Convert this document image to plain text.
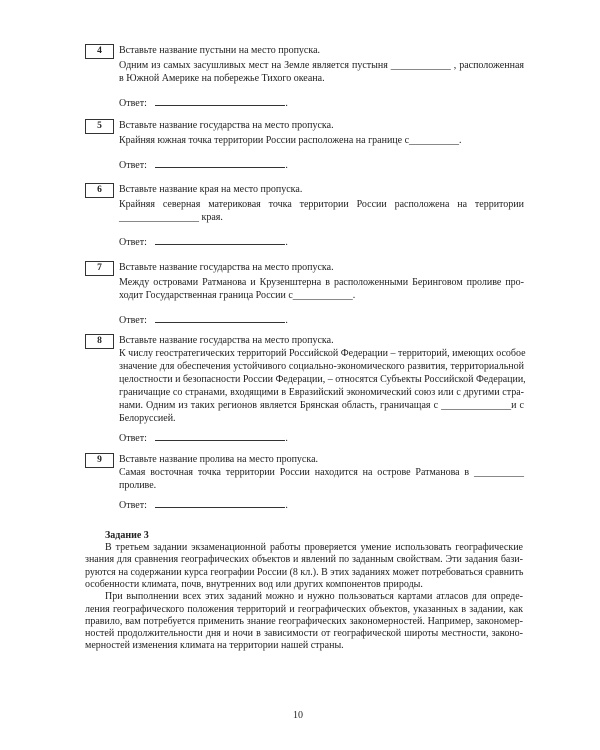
4	Вставьте название пустыни на место пропуска.
Одним из самых засушливых мест на Земле является пустыня ____________ , расположенная
в Южной Америке на побережье Тихого океана.
Ответ:	.
5	Вставьте название государства на место пропуска.
Крайняя южная точка территории России расположена на границе с__________.
Ответ:	.
6	Вставьте название края на место пропуска.
Крайняя северная материковая точка территории России расположена на территории
________________ края.
Ответ:	.
7	Вставьте название государства на место пропуска.
Между островами Ратманова и Крузенштерна в расположенными Беринговом проливе про-
ходит Государственная граница России с____________.
Ответ:	.
8	Вставьте название государства на место пропуска.
К числу геостратегических территорий Российской Федерации – территорий, имеющих особое
значение для обеспечения устойчивого социально-экономического развития, территориальной
целостности и безопасности России Федерации, – относятся Субъекты Российской Федерации,
граничащие со странами, входящими в Евразийский экономический союз или с другими стра-
нами. Одним из таких регионов является Брянская область, граничащая с ______________и с
Белоруссией.
Ответ:	.
9	Вставьте название пролива на место пропуска.
Самая восточная точка территории России находится на острове Ратманова в __________
проливе.
Ответ:	.
Задание 3
В третьем задании экзаменационной работы проверяется умение использовать географические
знания для сравнения географических объектов и явлений по заданным свойствам. Эти задания бази-
руются на содержании курса географии России (8 кл.). В этих заданиях может потребоваться сравнить
особенности климата, почв, внутренних вод или других компонентов природы.
При выполнении всех этих заданий можно и нужно пользоваться картами атласов для опреде-
ления географического положения территорий и географических объектов, указанных в задании, как
правило, вам потребуется применить знание географических закономерностей. Например, закономер-
ностей продолжительности дня и ночи в зависимости от географической широты местности, законо-
мерностей изменения климата на территории нашей страны.
10
